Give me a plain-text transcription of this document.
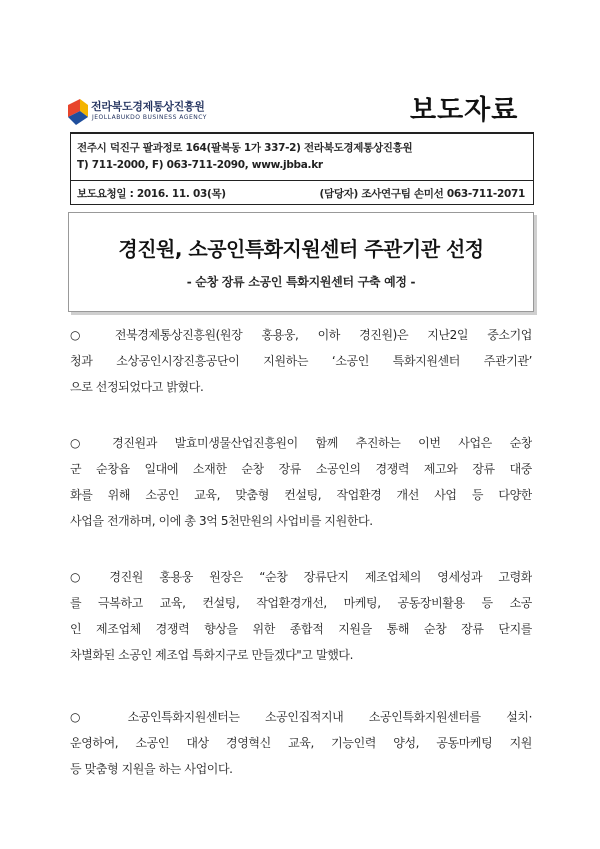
전라북도경제통상진흥원
JEOLLABUKDO BUSINESS AGENCY	보도자료
전주시 덕진구 팔과정로 164(팔복동 1가 337-2) 전라북도경제통상진흥원
T) 711-2000, F) 063-711-2090, www.jbba.kr
보도요청일 : 2016. 11. 03(목)	(담당자) 조사연구팀 손미선 063-711-2071
경진원, 소공인특화지원센터 주관기관 선정
- 순창 장류 소공인 특화지원센터 구축 예정 -
○ 전북경제통상진흥원(원장 홍용웅, 이하 경진원)은 지난2일 중소기업
청과 소상공인시장진흥공단이 지원하는 ‘소공인 특화지원센터 주관기관’
으로 선정되었다고 밝혔다.
○ 경진원과 발효미생물산업진흥원이 함께 추진하는 이번 사업은 순창
군 순창읍 일대에 소재한 순창 장류 소공인의 경쟁력 제고와 장류 대중
화를 위해 소공인 교육, 맞춤형 컨설팅, 작업환경 개선 사업 등 다양한
사업을 전개하며, 이에 총 3억 5천만원의 사업비를 지원한다.
○ 경진원 홍용웅 원장은 “순창 장류단지 제조업체의 영세성과 고령화
를 극복하고 교육, 컨설팅, 작업환경개선, 마케팅, 공동장비활용 등 소공
인 제조업체 경쟁력 향상을 위한 종합적 지원을 통해 순창 장류 단지를
차별화된 소공인 제조업 특화지구로 만들겠다"고 말했다.
○ 소공인특화지원센터는 소공인집적지내 소공인특화지원센터를 설치·
운영하여, 소공인 대상 경영혁신 교육, 기능인력 양성, 공동마케팅 지원
등 맞춤형 지원을 하는 사업이다.
